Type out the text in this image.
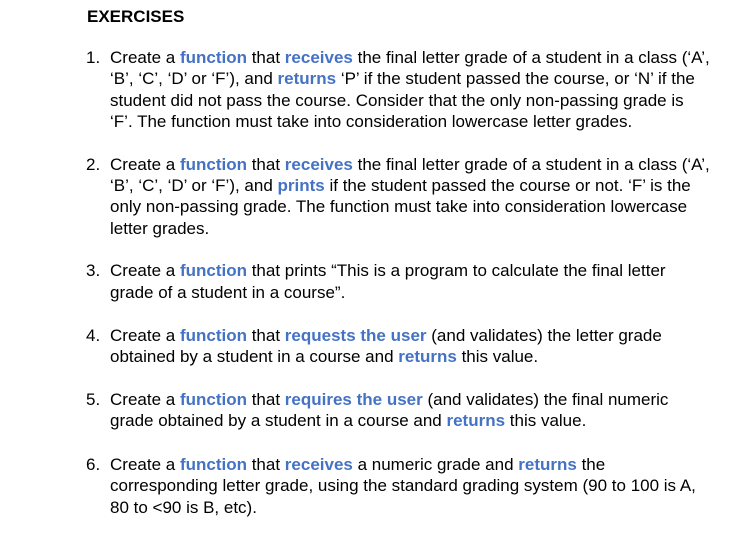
EXERCISES
1. Create a function that receives the final letter grade of a student in a class (‘A’, ‘B’, ‘C’, ‘D’ or ‘F’), and returns ‘P’ if the student passed the course, or ‘N’ if the student did not pass the course. Consider that the only non-passing grade is ‘F’. The function must take into consideration lowercase letter grades.
2. Create a function that receives the final letter grade of a student in a class (‘A’, ‘B’, ‘C’, ‘D’ or ‘F’), and prints if the student passed the course or not. ‘F’ is the only non-passing grade. The function must take into consideration lowercase letter grades.
3. Create a function that prints “This is a program to calculate the final letter grade of a student in a course”.
4. Create a function that requests the user (and validates) the letter grade obtained by a student in a course and returns this value.
5. Create a function that requires the user (and validates) the final numeric grade obtained by a student in a course and returns this value.
6. Create a function that receives a numeric grade and returns the corresponding letter grade, using the standard grading system (90 to 100 is A, 80 to <90 is B, etc).
